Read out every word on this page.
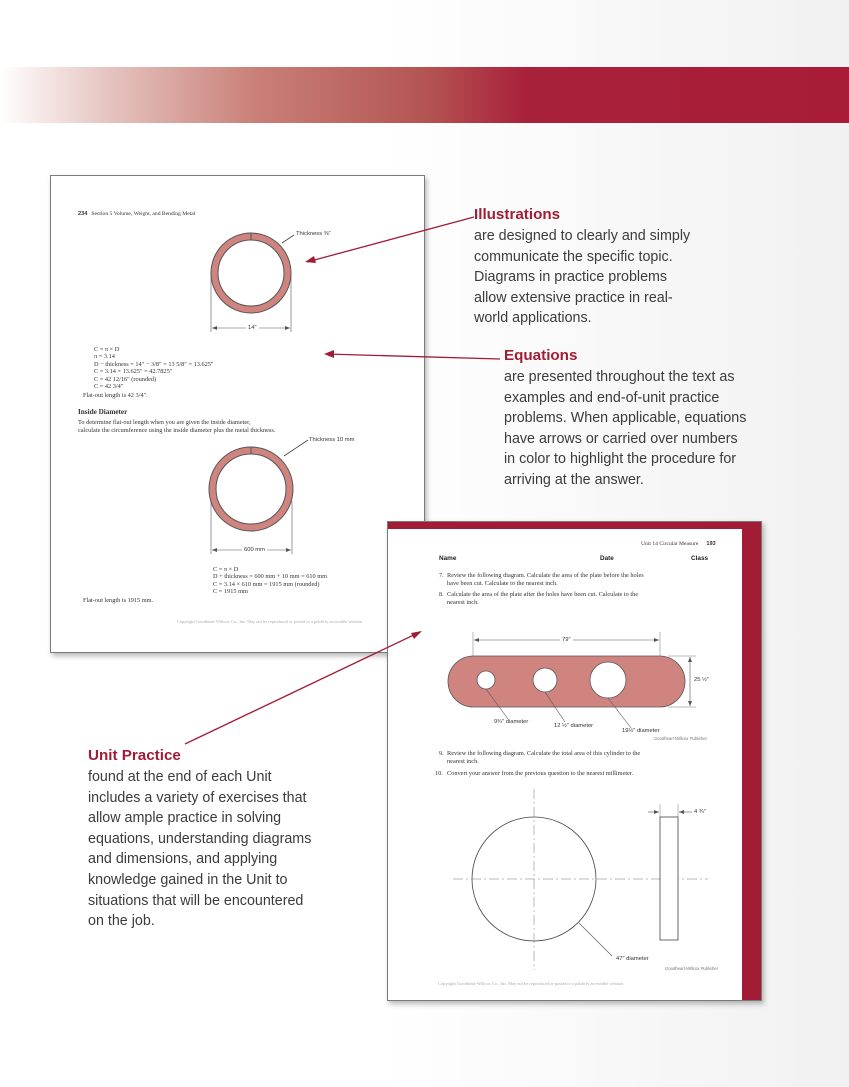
234 Section 5 Volume, Weight, and Bending Metal
Thickness ⅜″
14″
C = π × D
π = 3.14
D − thickness = 14″ − 3/8″ = 13 5/8″ = 13.625″
C = 3.14 × 13.625″ = 42.7825″
C = 42 12/16″ (rounded)
C = 42 3/4″
Flat-out length is 42 3/4″.
Inside Diameter
To determine flat-out length when you are given the inside diameter,
calculate the circumference using the inside diameter plus the metal thickness.
Thickness 10 mm
600 mm
C = π × D
D + thickness = 600 mm + 10 mm = 610 mm
C = 3.14 × 610 mm = 1915 mm (rounded)
C = 1915 mm
Flat-out length is 1915 mm.
Copyright Goodheart-Willcox Co., Inc. May not be reproduced or posted to a publicly accessible website.
Unit 14 Circular Measure 193
Name	Date	Class
7. Review the following diagram. Calculate the area of the plate before the holes
have been cut. Calculate to the nearest inch.
8. Calculate the area of the plate after the holes have been cut. Calculate to the
nearest inch.
79″
25 ½″
9¾″ diameter
12 ½″ diameter
19½″ diameter
Goodheart-Willcox Publisher
9. Review the following diagram. Calculate the total area of this cylinder to the
nearest inch.
10. Convert your answer from the previous question to the nearest millimeter.
4 ¾″
47″ diameter
Goodheart-Willcox Publisher
Copyright Goodheart-Willcox Co., Inc. May not be reproduced or posted to a publicly accessible website.
Illustrations
are designed to clearly and simply
communicate the specific topic.
Diagrams in practice problems
allow extensive practice in real-
world applications.
Equations
are presented throughout the text as
examples and end-of-unit practice
problems. When applicable, equations
have arrows or carried over numbers
in color to highlight the procedure for
arriving at the answer.
Unit Practice
found at the end of each Unit
includes a variety of exercises that
allow ample practice in solving
equations, understanding diagrams
and dimensions, and applying
knowledge gained in the Unit to
situations that will be encountered
on the job.
